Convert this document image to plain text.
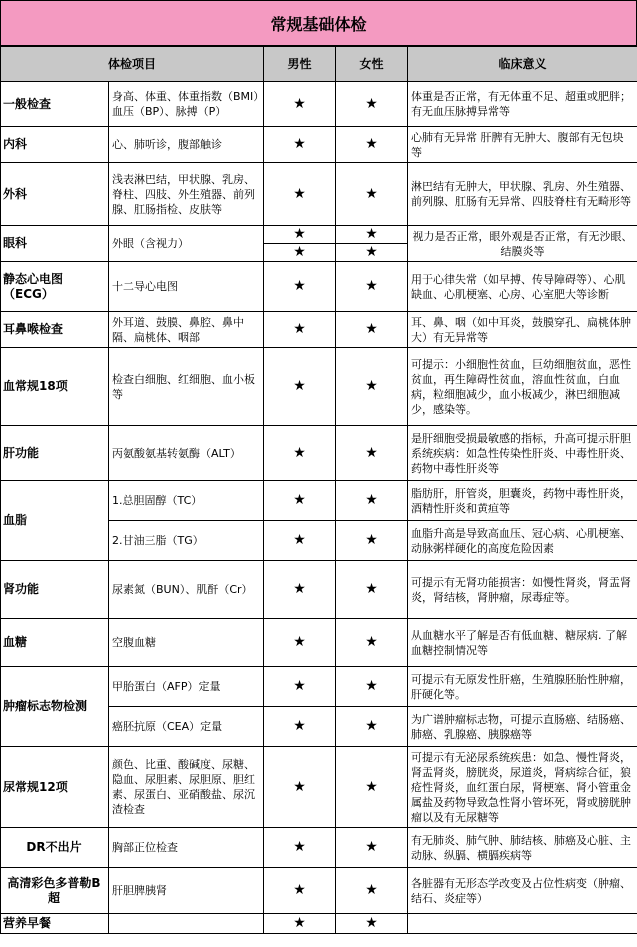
常规基础体检
体检项目		男性	女性	临床意义
一般检查	身高、体重、体重指数（BMI）血压（BP）、脉搏（P）	★	★	体重是否正常，有无体重不足、超重或肥胖；有无血压脉搏异常等
内科	心、肺听诊，腹部触诊	★	★	心肺有无异常 肝脾有无肿大、腹部有无包块等
外科	浅表淋巴结，甲状腺、乳房、脊柱、四肢、外生殖器、前列腺、肛肠指检、皮肤等	★	★	淋巴结有无肿大，甲状腺、乳房、外生殖器、前列腺、肛肠有无异常、四肢脊柱有无畸形等
眼科	外眼（含视力）	★	★	视力是否正常，眼外观是否正常，有无沙眼、结膜炎等
		★	★	
静态心电图（ECG）	十二导心电图	★	★	用于心律失常（如早搏、传导障碍等）、心肌缺血、心肌梗塞、心房、心室肥大等诊断
耳鼻喉检查	外耳道、鼓膜、鼻腔、鼻中隔、扁桃体、咽部	★	★	耳、鼻、咽（如中耳炎，鼓膜穿孔、扁桃体肿大）有无异常等
血常规18项	检查白细胞、红细胞、血小板等	★	★	可提示：小细胞性贫血，巨幼细胞贫血，恶性贫血，再生障碍性贫血，溶血性贫血，白血病，粒细胞减少，血小板减少，淋巴细胞减少，感染等。
肝功能	丙氨酸氨基转氨酶（ALT）	★	★	是肝细胞受损最敏感的指标，升高可提示肝胆系统疾病：如急性传染性肝炎、中毒性肝炎、药物中毒性肝炎等
血脂	1.总胆固醇（TC）	★	★	脂肪肝，肝管炎，胆囊炎，药物中毒性肝炎，酒精性肝炎和黄疸等
	2.甘油三脂（TG）	★	★	血脂升高是导致高血压、冠心病、心肌梗塞、动脉粥样硬化的高度危险因素
肾功能	尿素氮（BUN）、肌酐（Cr）	★	★	可提示有无肾功能损害：如慢性肾炎，肾盂肾炎，肾结核，肾肿瘤，尿毒症等。
血糖	空腹血糖	★	★	从血糖水平了解是否有低血糖、糖尿病. 了解血糖控制情况等
肿瘤标志物检测	甲胎蛋白（AFP）定量	★	★	可提示有无原发性肝癌，生殖腺胚胎性肿瘤，肝硬化等。
	癌胚抗原（CEA）定量	★	★	为广谱肿瘤标志物，可提示直肠癌、结肠癌、肺癌、乳腺癌、胰腺癌等
尿常规12项	颜色、比重、酸碱度、尿糖、隐血、尿胆素、尿胆原、胆红素、尿蛋白、亚硝酸盐、尿沉渣检查	★	★	可提示有无泌尿系统疾患：如急、慢性肾炎，肾盂肾炎，膀胱炎，尿道炎，肾病综合征，狼疮性肾炎，血红蛋白尿，肾梗塞、肾小管重金属盐及药物导致急性肾小管坏死，肾或膀胱肿瘤以及有无尿糖等
DR不出片	胸部正位检查	★	★	有无肺炎、肺气肿、肺结核、肺癌及心脏、主动脉、纵膈、横膈疾病等
高清彩色多普勒B超	肝胆脾胰肾	★	★	各脏器有无形态学改变及占位性病变（肿瘤、结石、炎症等）
营养早餐		★	★	
